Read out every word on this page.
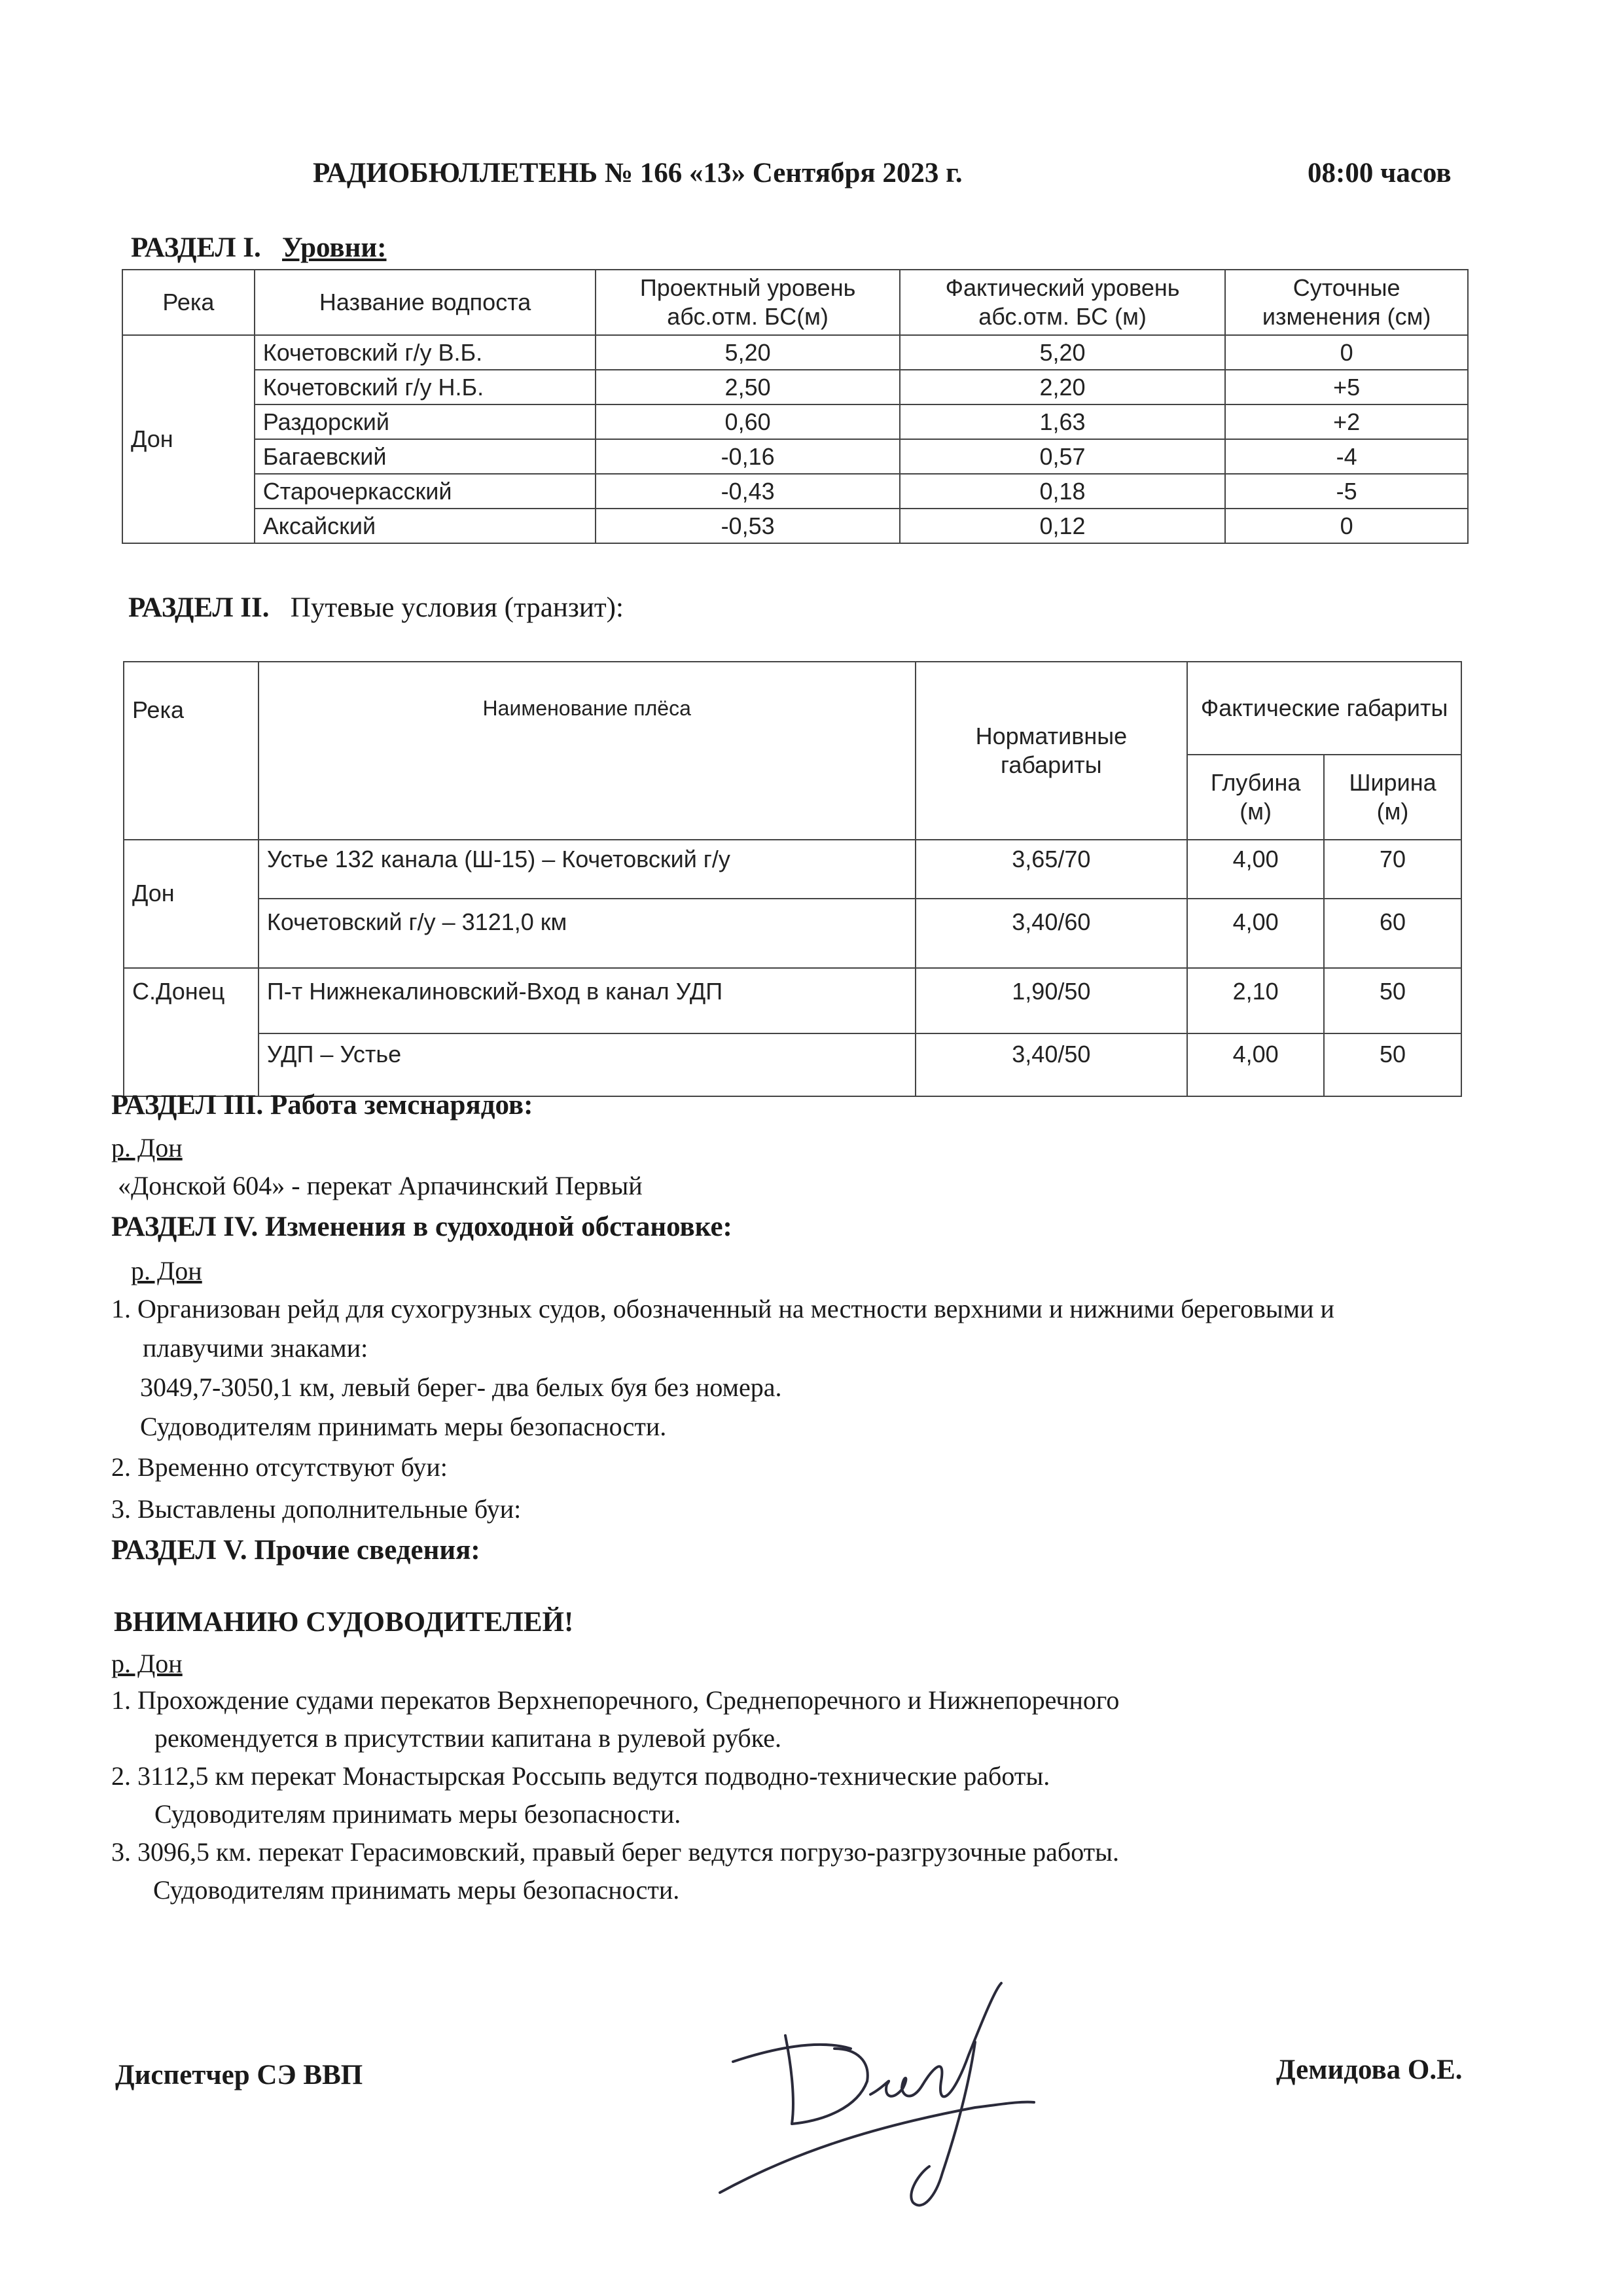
РАДИОБЮЛЛЕТЕНЬ № 166 «13» Сентября 2023 г.	08:00 часов
РАЗДЕЛ I. Уровни:
Река	Название водпоста	Проектный уровень абс.отм. БС(м)	Фактический уровень абс.отм. БС (м)	Суточные изменения (см)
Дон	Кочетовский г/у В.Б.	5,20	5,20	0
	Кочетовский г/у Н.Б.	2,50	2,20	+5
	Раздорский	0,60	1,63	+2
	Багаевский	-0,16	0,57	-4
	Старочеркасский	-0,43	0,18	-5
	Аксайский	-0,53	0,12	0
РАЗДЕЛ II. Путевые условия (транзит):
Река	Наименование плёса	Нормативные габариты	Фактические габариты	
			Глубина (м)	Ширина (м)
Дон	Устье 132 канала (Ш-15) – Кочетовский г/у	3,65/70	4,00	70
	Кочетовский г/у – 3121,0 км	3,40/60	4,00	60
С.Донец	П-т Нижнекалиновский-Вход в канал УДП	1,90/50	2,10	50
	УДП – Устье	3,40/50	4,00	50
РАЗДЕЛ III. Работа земснарядов:
р. Дон
«Донской 604» - перекат Арпачинский Первый
РАЗДЕЛ IV. Изменения в судоходной обстановке:
р. Дон
1. Организован рейд для сухогрузных судов, обозначенный на местности верхними и нижними береговыми и
плавучими знаками:
3049,7-3050,1 км, левый берег- два белых буя без номера.
Судоводителям принимать меры безопасности.
2. Временно отсутствуют буи:
3. Выставлены дополнительные буи:
РАЗДЕЛ V. Прочие сведения:
ВНИМАНИЮ СУДОВОДИТЕЛЕЙ!
р. Дон
1. Прохождение судами перекатов Верхнепоречного, Среднепоречного и Нижнепоречного
рекомендуется в присутствии капитана в рулевой рубке.
2. 3112,5 км перекат Монастырская Россыпь ведутся подводно-технические работы.
Судоводителям принимать меры безопасности.
3. 3096,5 км. перекат Герасимовский, правый берег ведутся погрузо-разгрузочные работы.
Судоводителям принимать меры безопасности.
Диспетчер СЭ ВВП	Демидова О.Е.
